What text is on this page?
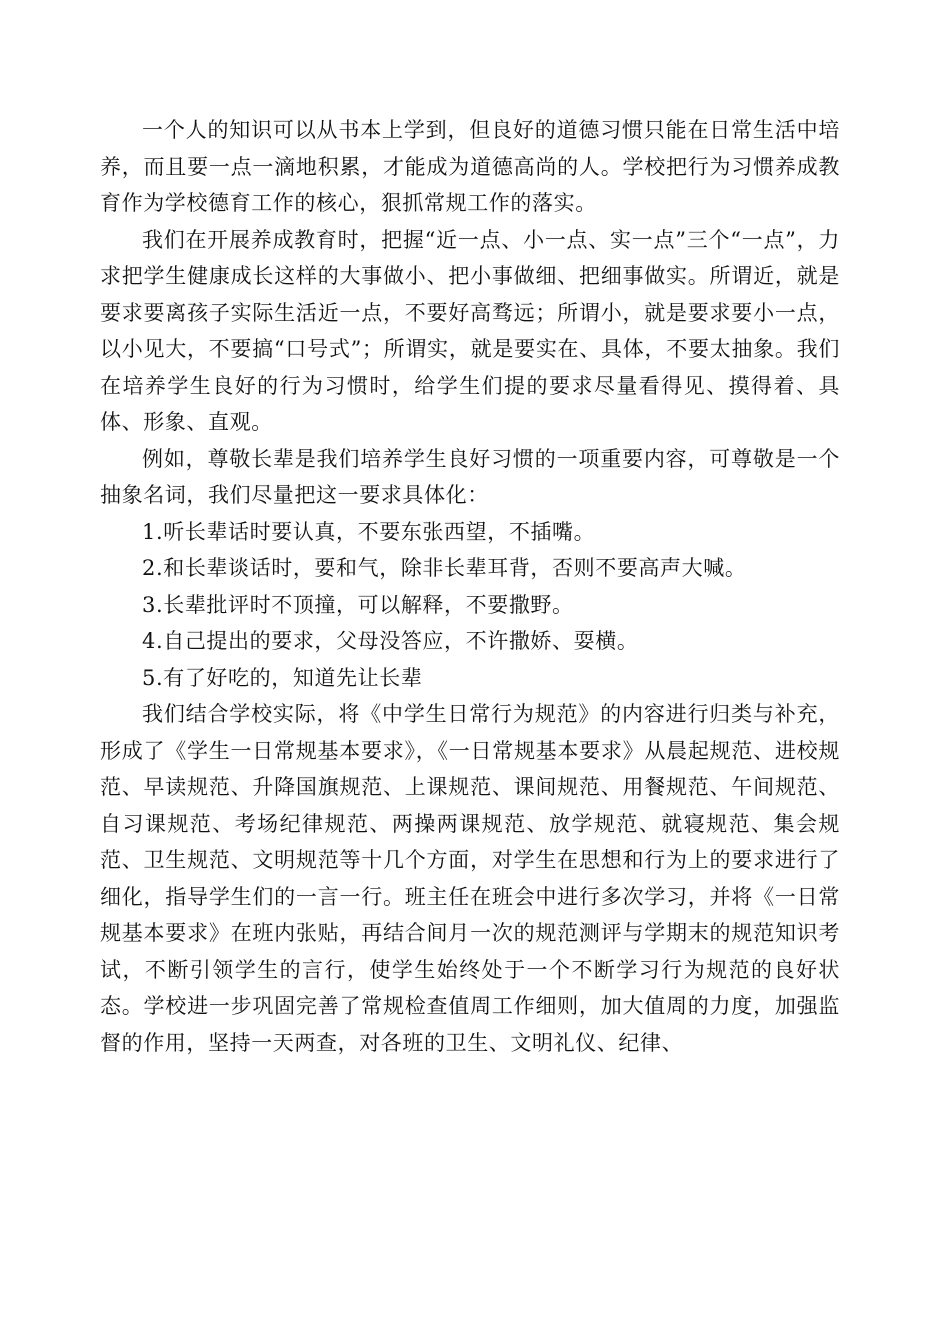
一个人的知识可以从书本上学到，但良好的道德习惯只能在日常生活中培养，而且要一点一滴地积累，才能成为道德高尚的人。学校把行为习惯养成教育作为学校德育工作的核心，狠抓常规工作的落实。

我们在开展养成教育时，把握“近一点、小一点、实一点”三个“一点”，力求把学生健康成长这样的大事做小、把小事做细、把细事做实。所谓近，就是要求要离孩子实际生活近一点，不要好高骛远；所谓小，就是要求要小一点，以小见大，不要搞“口号式”；所谓实，就是要实在、具体，不要太抽象。我们在培养学生良好的行为习惯时，给学生们提的要求尽量看得见、摸得着、具体、形象、直观。

例如，尊敬长辈是我们培养学生良好习惯的一项重要内容，可尊敬是一个抽象名词，我们尽量把这一要求具体化：

1.听长辈话时要认真，不要东张西望，不插嘴。

2.和长辈谈话时，要和气，除非长辈耳背，否则不要高声大喊。

3.长辈批评时不顶撞，可以解释，不要撒野。

4.自己提出的要求，父母没答应，不许撒娇、耍横。

5.有了好吃的，知道先让长辈

我们结合学校实际，将《中学生日常行为规范》的内容进行归类与补充，形成了《学生一日常规基本要求》，《一日常规基本要求》从晨起规范、进校规范、早读规范、升降国旗规范、上课规范、课间规范、用餐规范、午间规范、自习课规范、考场纪律规范、两操两课规范、放学规范、就寝规范、集会规范、卫生规范、文明规范等十几个方面，对学生在思想和行为上的要求进行了细化，指导学生们的一言一行。班主任在班会中进行多次学习，并将《一日常规基本要求》在班内张贴，再结合间月一次的规范测评与学期末的规范知识考试，不断引领学生的言行，使学生始终处于一个不断学习行为规范的良好状态。学校进一步巩固完善了常规检查值周工作细则，加大值周的力度，加强监督的作用，坚持一天两查，对各班的卫生、文明礼仪、纪律、
